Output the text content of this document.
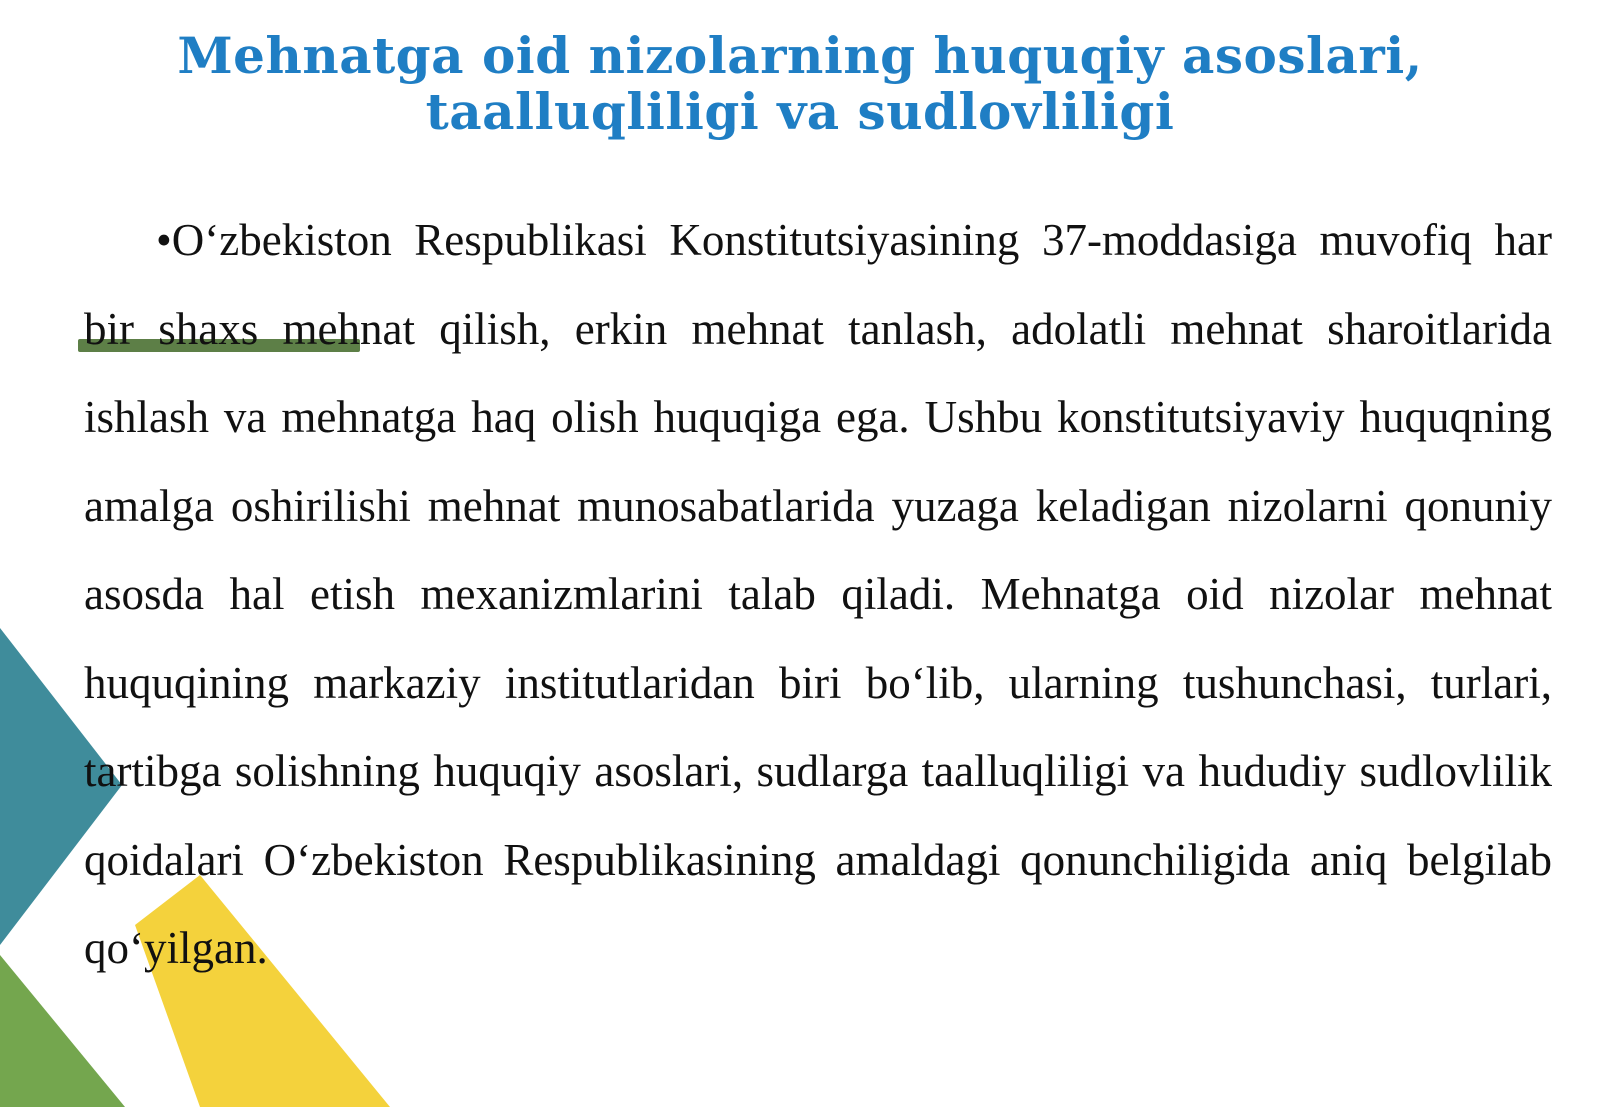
Mehnatga oid nizolarning huquqiy asoslari,
taalluqliligi va sudlovliligi

•O‘zbekiston Respublikasi Konstitutsiyasining 37-moddasiga muvofiq har bir shaxs mehnat qilish, erkin mehnat tanlash, adolatli mehnat sharoitlarida ishlash va mehnatga haq olish huquqiga ega. Ushbu konstitutsiyaviy huquqning amalga oshirilishi mehnat munosabatlarida yuzaga keladigan nizolarni qonuniy asosda hal etish mexanizmlarini talab qiladi. Mehnatga oid nizolar mehnat huquqining markaziy institutlaridan biri bo‘lib, ularning tushunchasi, turlari, tartibga solishning huquqiy asoslari, sudlarga taalluqliligi va hududiy sudlovlilik qoidalari O‘zbekiston Respublikasining amaldagi qonunchiligida aniq belgilab qo‘yilgan.
